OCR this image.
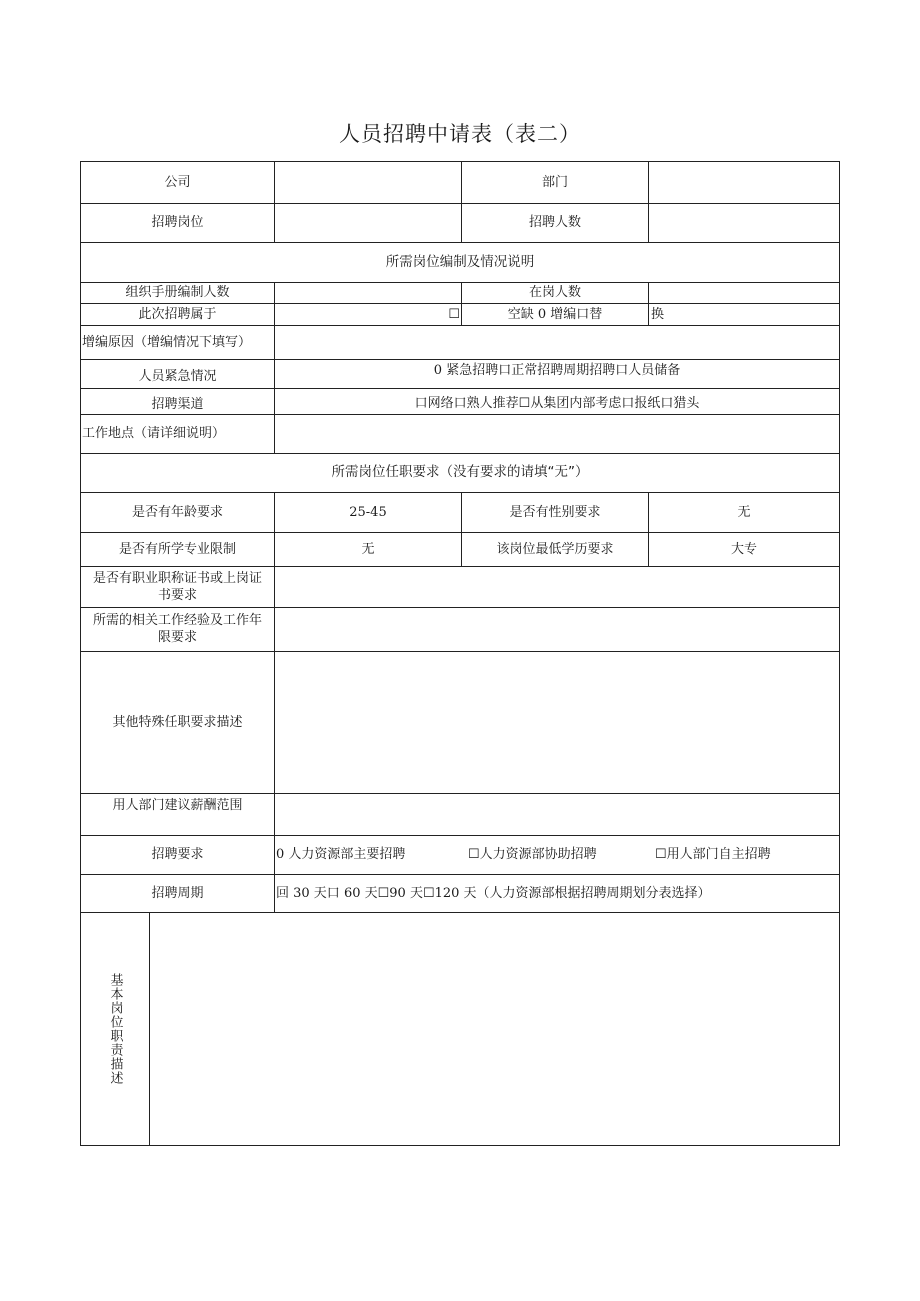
人员招聘中请表（表二）
公司	部门
招聘岗位	招聘人数
所需岗位编制及情况说明
组织手册编制人数	在岗人数
此次招聘属于	☐	空缺 0 增编口替	换
增编原因（增编情况下填写）
人员紧急情况	0 紧急招聘口正常招聘周期招聘口人员储备
招聘渠道	口网络口熟人推荐☐从集团内部考虑口报纸口猎头
工作地点（请详细说明）
所需岗位任职要求（没有要求的请填“无”）
是否有年龄要求	25-45	是否有性别要求	无
是否有所学专业限制	无	该岗位最低学历要求	大专
是否有职业职称证书或上岗证
书要求
所需的相关工作经验及工作年
限要求
其他特殊任职要求描述
用人部门建议薪酬范围
招聘要求	0 人力资源部主要招聘	☐人力资源部协助招聘	☐用人部门自主招聘
招聘周期	回 30 天口 60 天☐90 天☐120 天（人力资源部根据招聘周期划分表选择）
基本岗位职责描述
